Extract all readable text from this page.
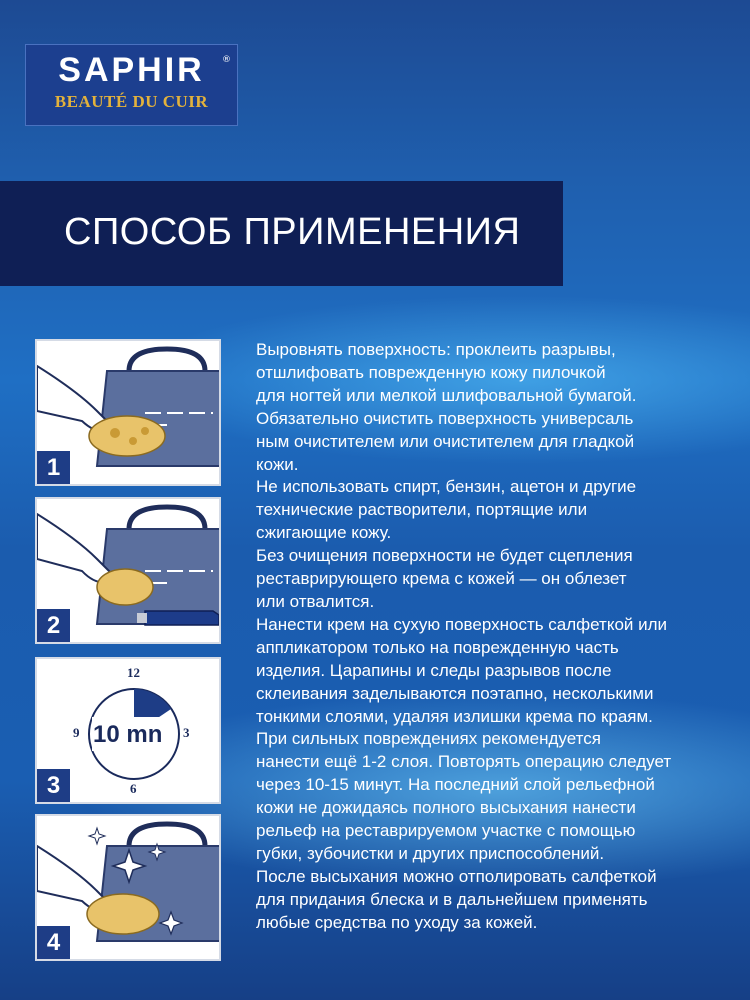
SAPHIR	®
BEAUTÉ DU CUIR
СПОСОБ ПРИМЕНЕНИЯ
1
2
12
3
6
9 10 mn
3
4
Выровнять поверхность: проклеить разрывы,
отшлифовать поврежденную кожу пилочкой
для ногтей или мелкой шлифовальной бумагой.
Обязательно очистить поверхность универсаль
ным очистителем или очистителем для гладкой
кожи.
Не использовать спирт, бензин, ацетон и другие
технические растворители, портящие или
сжигающие кожу.
Без очищения поверхности не будет сцепления
реставрирующего крема с кожей — он облезет
или отвалится.
Нанести крем на сухую поверхность салфеткой или
аппликатором только на поврежденную часть
изделия. Царапины и следы разрывов после
склеивания заделываются поэтапно, несколькими
тонкими слоями, удаляя излишки крема по краям.
При сильных повреждениях рекомендуется
нанести ещё 1-2 слоя. Повторять операцию следует
через 10-15 минут. На последний слой рельефной
кожи не дожидаясь полного высыхания нанести
рельеф на реставрируемом участке с помощью
губки, зубочистки и других приспособлений.
После высыхания можно отполировать салфеткой
для придания блеска и в дальнейшем применять
любые средства по уходу за кожей.
